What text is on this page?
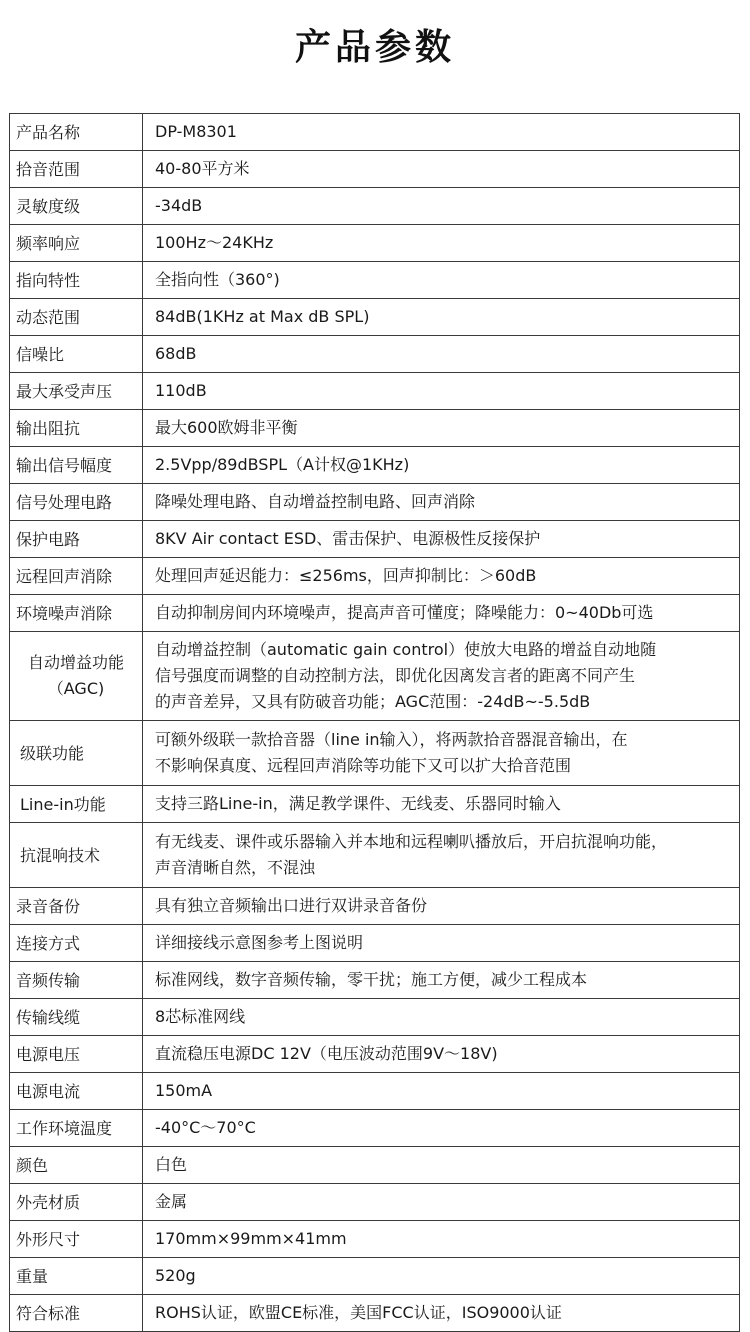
产品参数
产品名称	DP-M8301

拾音范围	40-80平方米

灵敏度级	-34dB

频率响应	100Hz～24KHz

指向特性	全指向性（360°)

动态范围	84dB(1KHz at Max dB SPL)

信噪比	68dB

最大承受声压	110dB

输出阻抗	最大600欧姆非平衡

输出信号幅度	2.5Vpp/89dBSPL（A计权@1KHz)

信号处理电路	降噪处理电路、自动增益控制电路、回声消除

保护电路	8KV Air contact ESD、雷击保护、电源极性反接保护

远程回声消除	处理回声延迟能力：≤256ms，回声抑制比：＞60dB

环境噪声消除	自动抑制房间内环境噪声，提高声音可懂度；降噪能力：0~40Db可选

自动增益功能
（AGC)	自动增益控制（automatic gain control）使放大电路的增益自动地随
信号强度而调整的自动控制方法，即优化因离发言者的距离不同产生
的声音差异，又具有防破音功能；AGC范围：-24dB~-5.5dB

级联功能	可额外级联一款拾音器（line in输入），将两款拾音器混音输出，在
不影响保真度、远程回声消除等功能下又可以扩大拾音范围

Line-in功能	支持三路Line-in，满足教学课件、无线麦、乐器同时输入

抗混响技术	有无线麦、课件或乐器输入并本地和远程喇叭播放后，开启抗混响功能，
声音清晰自然，不混浊

录音备份	具有独立音频输出口进行双讲录音备份

连接方式	详细接线示意图参考上图说明

音频传输	标准网线，数字音频传输，零干扰；施工方便，减少工程成本

传输线缆	8芯标准网线

电源电压	直流稳压电源DC 12V（电压波动范围9V～18V)

电源电流	150mA

工作环境温度	-40°C～70°C

颜色	白色

外壳材质	金属

外形尺寸	170mm×99mm×41mm

重量	520g

符合标准	ROHS认证，欧盟CE标准，美国FCC认证，ISO9000认证
